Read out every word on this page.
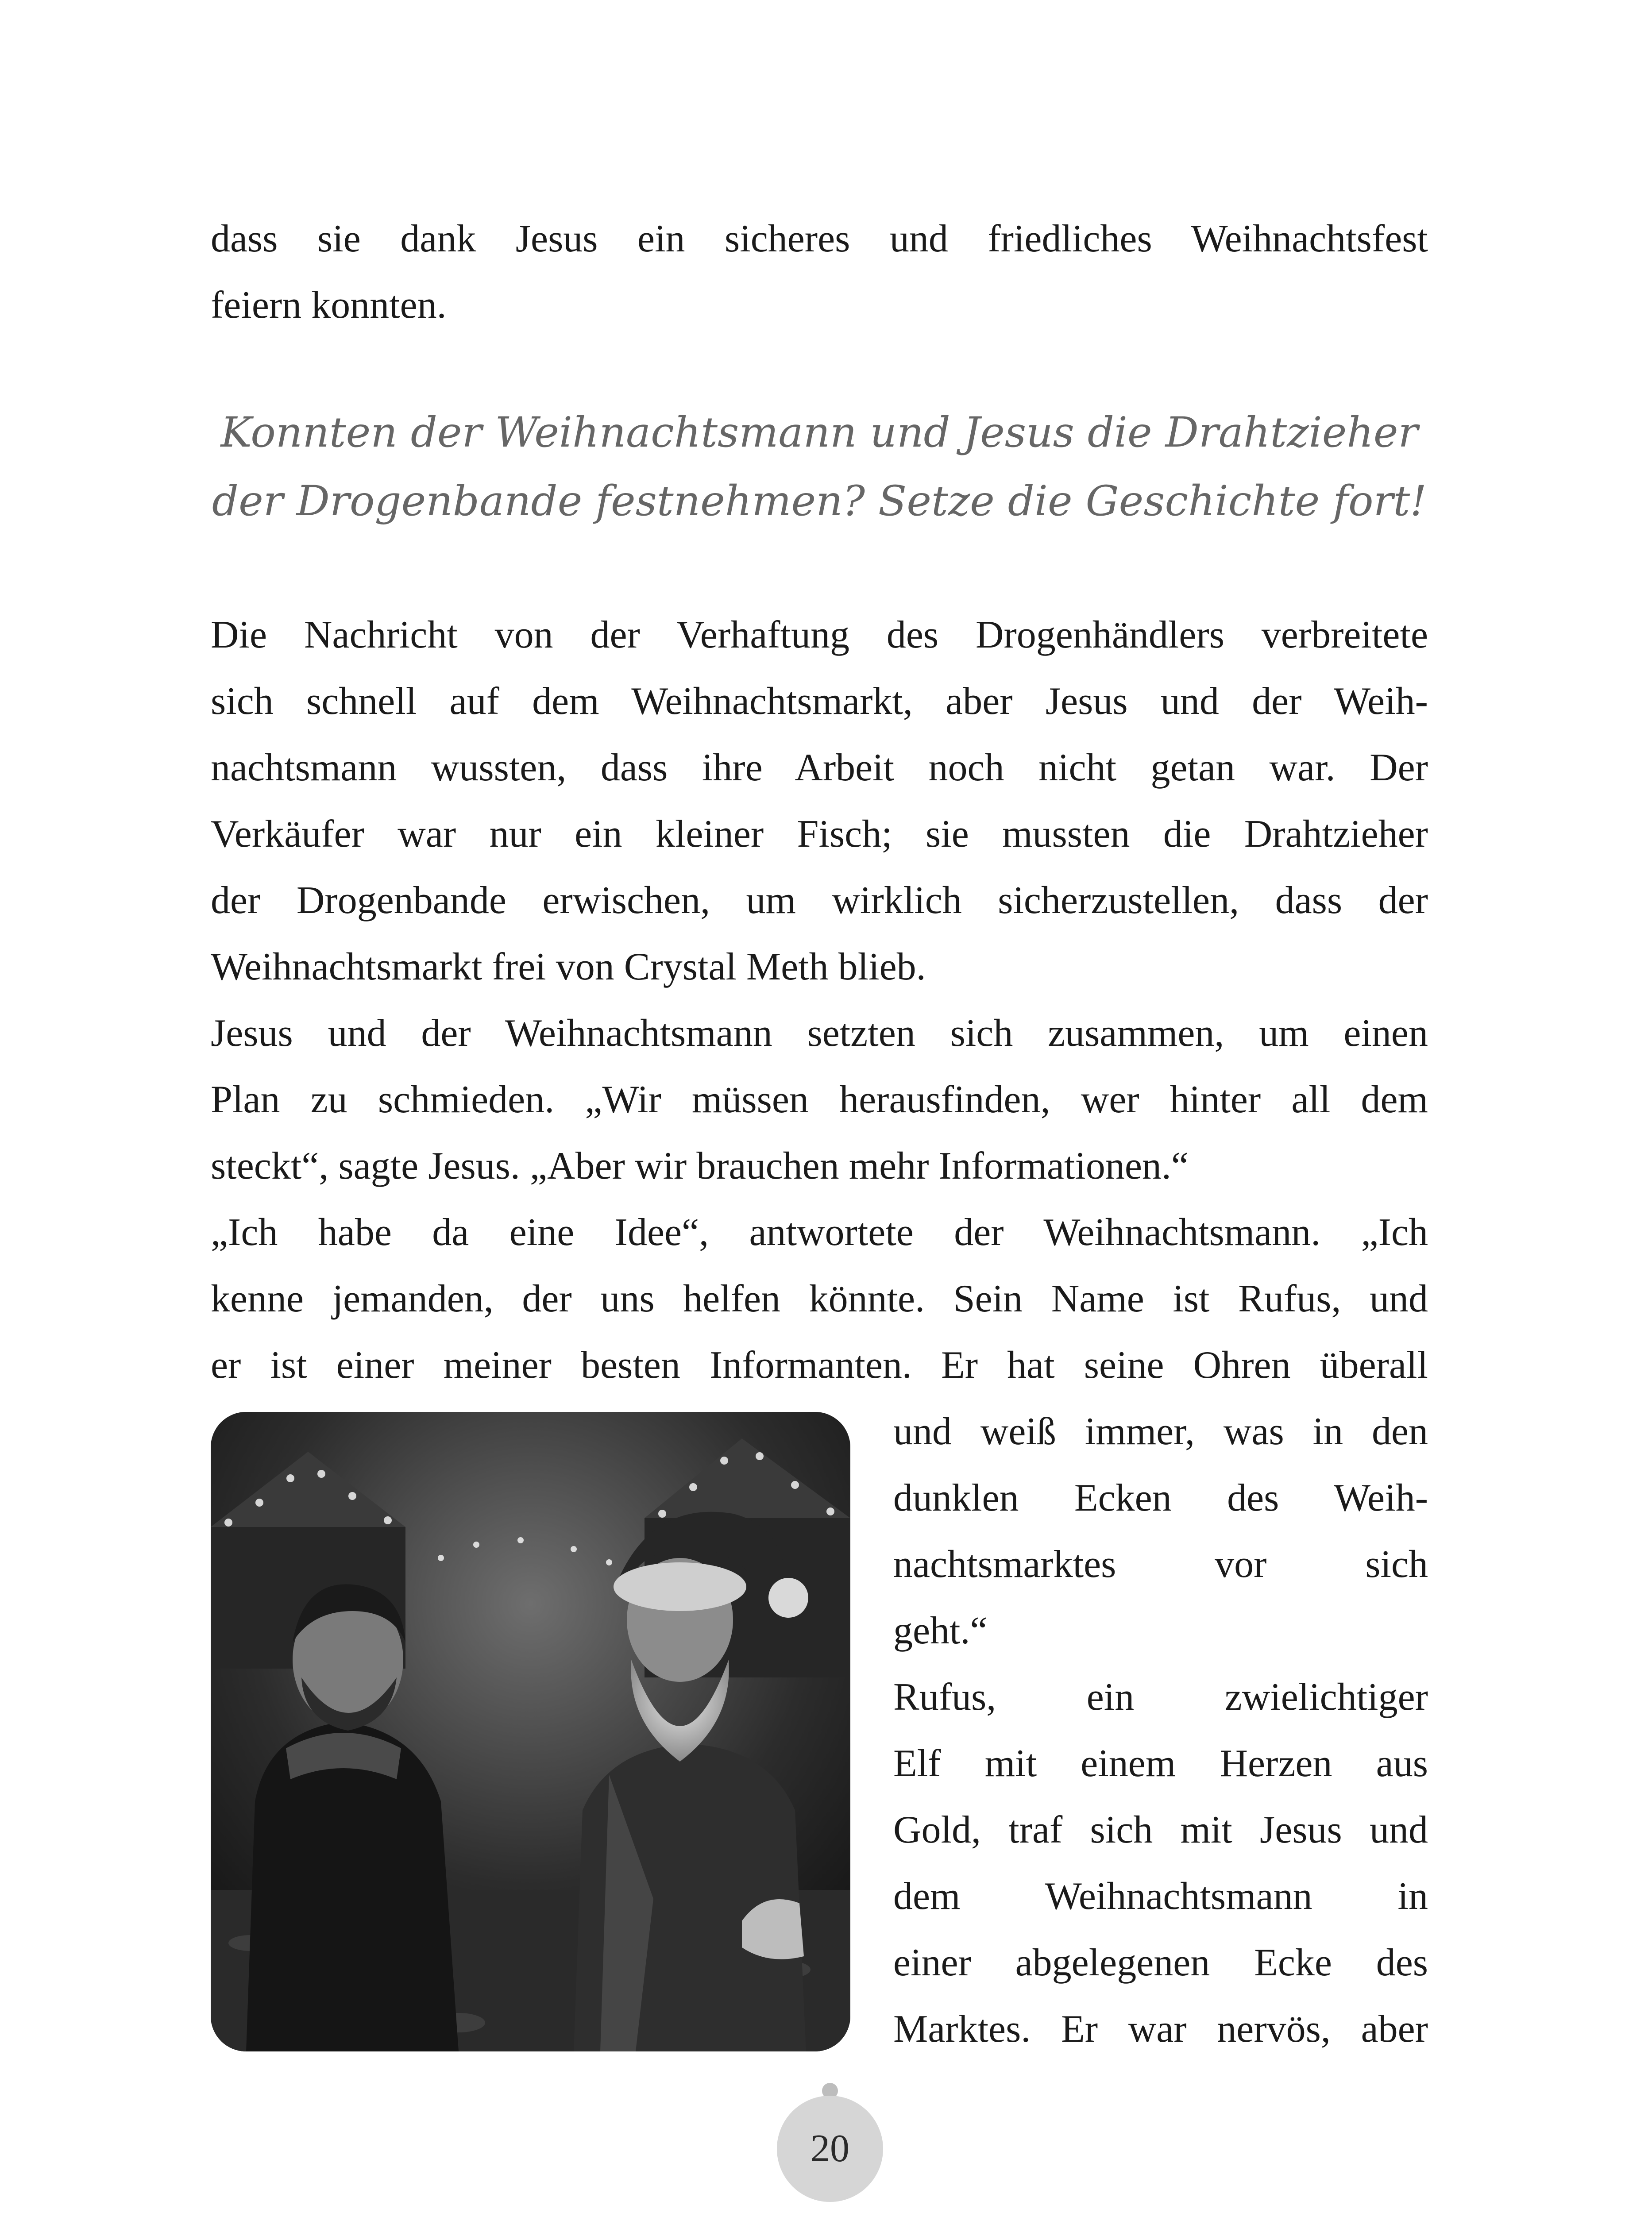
dass sie dank Jesus ein sicheres und friedliches Weihnachtsfest
feiern konnten.
Konnten der Weihnachtsmann und Jesus die Drahtzieher
der Drogenbande festnehmen? Setze die Geschichte fort!
Die Nachricht von der Verhaftung des Drogenhändlers verbreitete
sich schnell auf dem Weihnachtsmarkt, aber Jesus und der Weih-
nachtsmann wussten, dass ihre Arbeit noch nicht getan war. Der
Verkäufer war nur ein kleiner Fisch; sie mussten die Drahtzieher
der Drogenbande erwischen, um wirklich sicherzustellen, dass der
Weihnachtsmarkt frei von Crystal Meth blieb.
Jesus und der Weihnachtsmann setzten sich zusammen, um einen
Plan zu schmieden. „Wir müssen herausfinden, wer hinter all dem
steckt“, sagte Jesus. „Aber wir brauchen mehr Informationen.“
„Ich habe da eine Idee“, antwortete der Weihnachtsmann. „Ich
kenne jemanden, der uns helfen könnte. Sein Name ist Rufus, und
er ist einer meiner besten Informanten. Er hat seine Ohren überall
und weiß immer, was in den
dunklen Ecken des Weih-
nachtsmarktes vor sich
geht.“
Rufus, ein zwielichtiger
Elf mit einem Herzen aus
Gold, traf sich mit Jesus und
dem Weihnachtsmann in
einer abgelegenen Ecke des
Marktes. Er war nervös, aber
20
